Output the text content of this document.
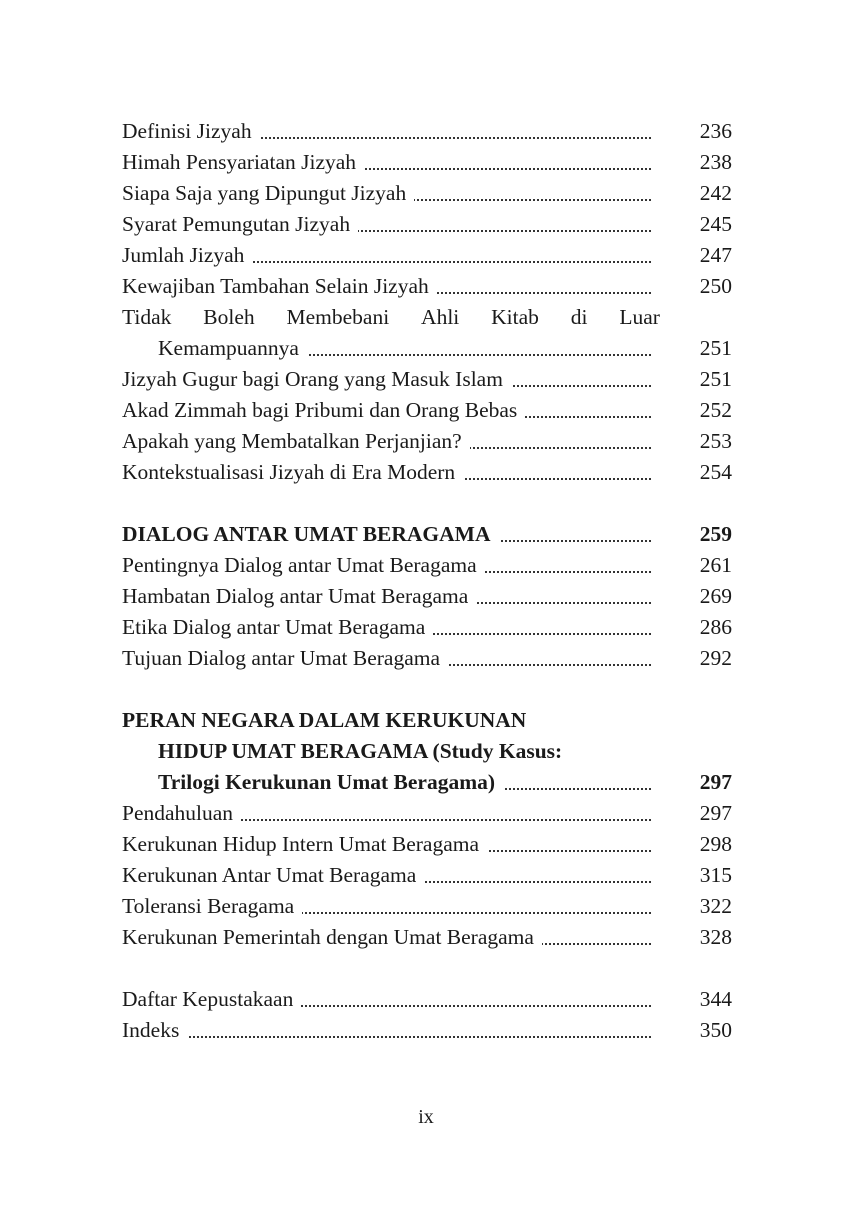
Definisi Jizyah	236
Himah Pensyariatan Jizyah	238
Siapa Saja yang Dipungut Jizyah	242
Syarat Pemungutan Jizyah	245
Jumlah Jizyah	247
Kewajiban Tambahan Selain Jizyah	250
Tidak Boleh Membebani Ahli Kitab di Luar
Kemampuannya	251
Jizyah Gugur bagi Orang yang Masuk Islam	251
Akad Zimmah bagi Pribumi dan Orang Bebas	252
Apakah yang Membatalkan Perjanjian?	253
Kontekstualisasi Jizyah di Era Modern	254
DIALOG ANTAR UMAT BERAGAMA	259
Pentingnya Dialog antar Umat Beragama	261
Hambatan Dialog antar Umat Beragama	269
Etika Dialog antar Umat Beragama	286
Tujuan Dialog antar Umat Beragama	292
PERAN NEGARA DALAM KERUKUNAN
HIDUP UMAT BERAGAMA (Study Kasus:
Trilogi Kerukunan Umat Beragama)	297
Pendahuluan	297
Kerukunan Hidup Intern Umat Beragama	298
Kerukunan Antar Umat Beragama	315
Toleransi Beragama	322
Kerukunan Pemerintah dengan Umat Beragama	328
Daftar Kepustakaan	344
Indeks	350
ix
